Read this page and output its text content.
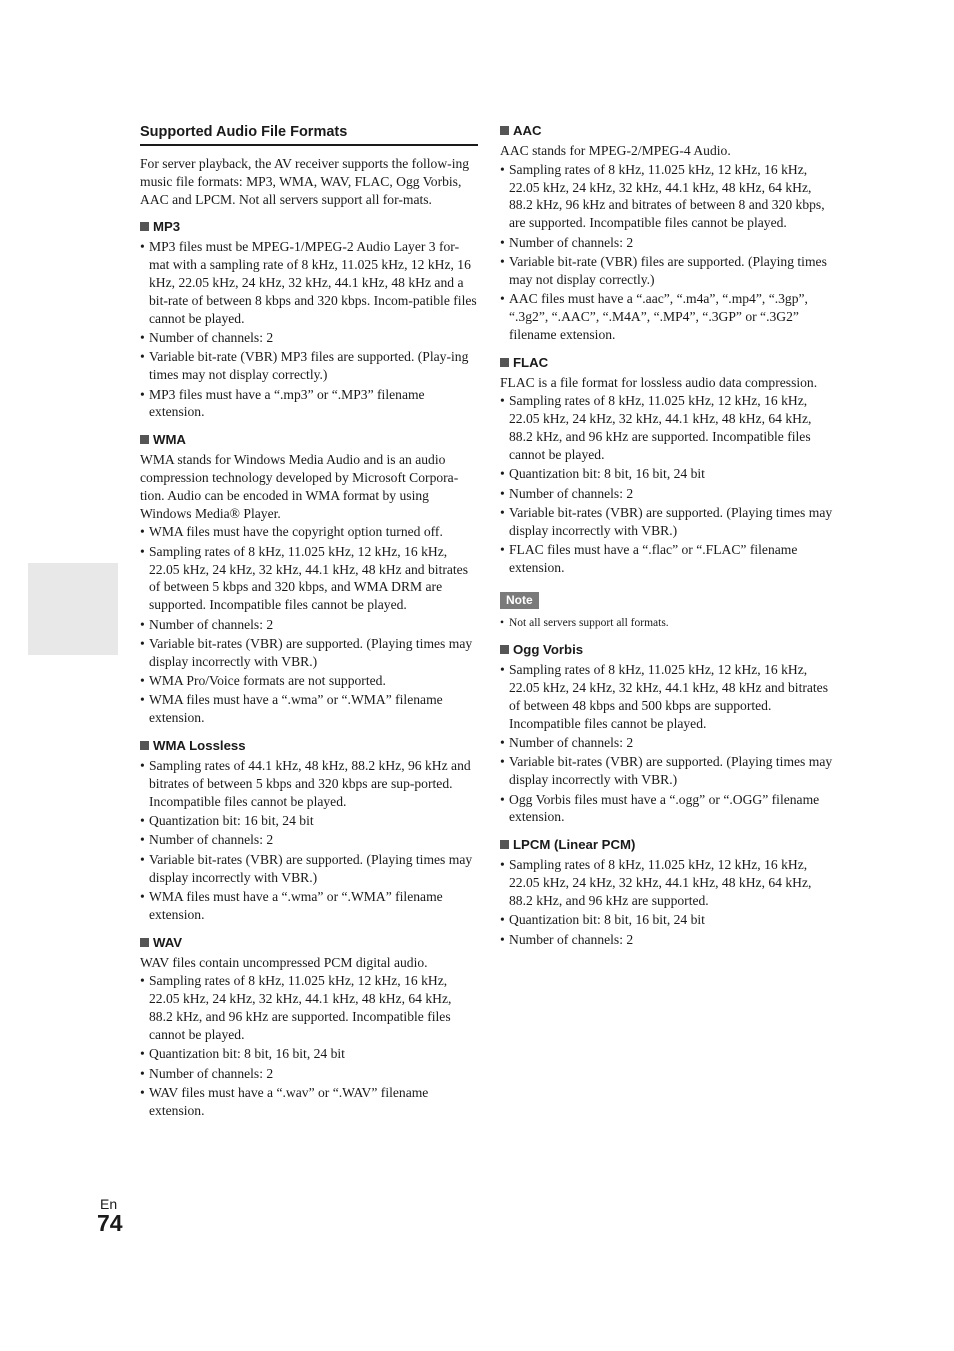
Supported Audio File Formats

For server playback, the AV receiver supports the follow-ing music file formats: MP3, WMA, WAV, FLAC, Ogg Vorbis, AAC and LPCM. Not all servers support all for-mats.

MP3
• MP3 files must be MPEG-1/MPEG-2 Audio Layer 3 for-mat with a sampling rate of 8 kHz, 11.025 kHz, 12 kHz, 16 kHz, 22.05 kHz, 24 kHz, 32 kHz, 44.1 kHz, 48 kHz and a bit-rate of between 8 kbps and 320 kbps. Incom-patible files cannot be played.
• Number of channels: 2
• Variable bit-rate (VBR) MP3 files are supported. (Play-ing times may not display correctly.)
• MP3 files must have a “.mp3” or “.MP3” filename extension.
WMA

WMA stands for Windows Media Audio and is an audio compression technology developed by Microsoft Corpora-tion. Audio can be encoded in WMA format by using Windows Media® Player.

• WMA files must have the copyright option turned off.
• Sampling rates of 8 kHz, 11.025 kHz, 12 kHz, 16 kHz, 22.05 kHz, 24 kHz, 32 kHz, 44.1 kHz, 48 kHz and bitrates of between 5 kbps and 320 kbps, and WMA DRM are supported. Incompatible files cannot be played.
• Number of channels: 2
• Variable bit-rates (VBR) are supported. (Playing times may display incorrectly with VBR.)
• WMA Pro/Voice formats are not supported.
• WMA files must have a “.wma” or “.WMA” filename extension.
WMA Lossless
• Sampling rates of 44.1 kHz, 48 kHz, 88.2 kHz, 96 kHz and bitrates of between 5 kbps and 320 kbps are sup-ported. Incompatible files cannot be played.
• Quantization bit: 16 bit, 24 bit
• Number of channels: 2
• Variable bit-rates (VBR) are supported. (Playing times may display incorrectly with VBR.)
• WMA files must have a “.wma” or “.WMA” filename extension.
WAV

WAV files contain uncompressed PCM digital audio.

• Sampling rates of 8 kHz, 11.025 kHz, 12 kHz, 16 kHz, 22.05 kHz, 24 kHz, 32 kHz, 44.1 kHz, 48 kHz, 64 kHz, 88.2 kHz, and 96 kHz are supported. Incompatible files cannot be played.
• Quantization bit: 8 bit, 16 bit, 24 bit
• Number of channels: 2
• WAV files must have a “.wav” or “.WAV” filename extension.
AAC

AAC stands for MPEG-2/MPEG-4 Audio.

• Sampling rates of 8 kHz, 11.025 kHz, 12 kHz, 16 kHz, 22.05 kHz, 24 kHz, 32 kHz, 44.1 kHz, 48 kHz, 64 kHz, 88.2 kHz, 96 kHz and bitrates of between 8 and 320 kbps, are supported. Incompatible files cannot be played.
• Number of channels: 2
• Variable bit-rate (VBR) files are supported. (Playing times may not display correctly.)
• AAC files must have a “.aac”, “.m4a”, “.mp4”, “.3gp”, “.3g2”, “.AAC”, “.M4A”, “.MP4”, “.3GP” or “.3G2” filename extension.
FLAC

FLAC is a file format for lossless audio data compression.

• Sampling rates of 8 kHz, 11.025 kHz, 12 kHz, 16 kHz, 22.05 kHz, 24 kHz, 32 kHz, 44.1 kHz, 48 kHz, 64 kHz, 88.2 kHz, and 96 kHz are supported. Incompatible files cannot be played.
• Quantization bit: 8 bit, 16 bit, 24 bit
• Number of channels: 2
• Variable bit-rates (VBR) are supported. (Playing times may display incorrectly with VBR.)
• FLAC files must have a “.flac” or “.FLAC” filename extension.
Note
• Not all servers support all formats.
Ogg Vorbis
• Sampling rates of 8 kHz, 11.025 kHz, 12 kHz, 16 kHz, 22.05 kHz, 24 kHz, 32 kHz, 44.1 kHz, 48 kHz and bitrates of between 48 kbps and 500 kbps are supported. Incompatible files cannot be played.
• Number of channels: 2
• Variable bit-rates (VBR) are supported. (Playing times may display incorrectly with VBR.)
• Ogg Vorbis files must have a “.ogg” or “.OGG” filename extension.
LPCM (Linear PCM)
• Sampling rates of 8 kHz, 11.025 kHz, 12 kHz, 16 kHz, 22.05 kHz, 24 kHz, 32 kHz, 44.1 kHz, 48 kHz, 64 kHz, 88.2 kHz, and 96 kHz are supported.
• Quantization bit: 8 bit, 16 bit, 24 bit
• Number of channels: 2
En
74
